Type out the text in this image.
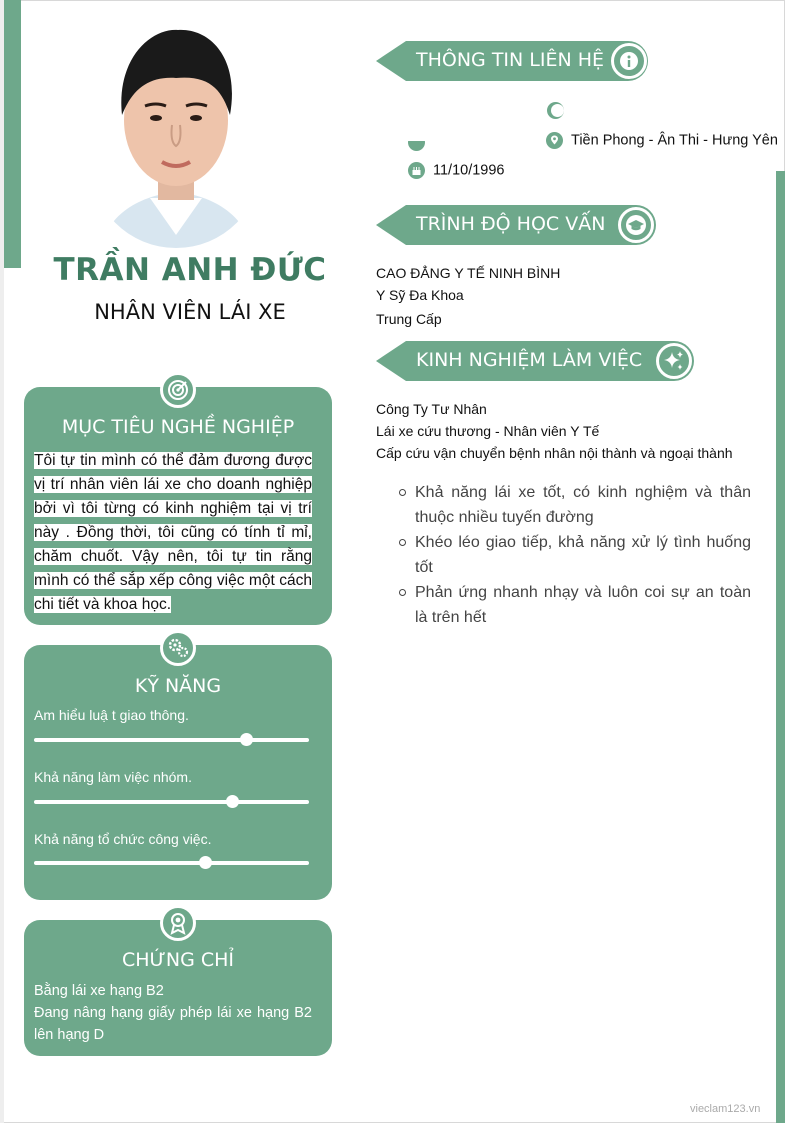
TRẦN ANH ĐỨC
NHÂN VIÊN LÁI XE
MỤC TIÊU NGHỀ NGHIỆP
Tôi tự tin mình có thể đảm đương được vị trí nhân viên lái xe cho doanh nghiệp bởi vì tôi từng có kinh nghiệm tại vị trí này . Đồng thời, tôi cũng có tính tỉ mỉ, chăm chuốt. Vậy nên, tôi tự tin rằng mình có thể sắp xếp công việc một cách chi tiết và khoa học.
KỸ NĂNG
Am hiểu luậ t giao thông.
Khả năng làm việc nhóm.
Khả năng tổ chức công việc.
CHỨNG CHỈ
Bằng lái xe hạng B2
Đang nâng hạng giấy phép lái xe hạng B2 lên hạng D
THÔNG TIN LIÊN HỆ
Tiền Phong - Ân Thi - Hưng Yên
11/10/1996
TRÌNH ĐỘ HỌC VẤN
CAO ĐẲNG Y TẾ NINH BÌNH
Y Sỹ Đa Khoa
Trung Cấp
KINH NGHIỆM LÀM VIỆC
Công Ty Tư Nhân
Lái xe cứu thương - Nhân viên Y Tế
Cấp cứu vận chuyển bệnh nhân nội thành và ngoại thành
Khả năng lái xe tốt, có kinh nghiệm và thân thuộc nhiều tuyến đường
Khéo léo giao tiếp, khả năng xử lý tình huống tốt
Phản ứng nhanh nhạy và luôn coi sự an toàn là trên hết
vieclam123.vn
